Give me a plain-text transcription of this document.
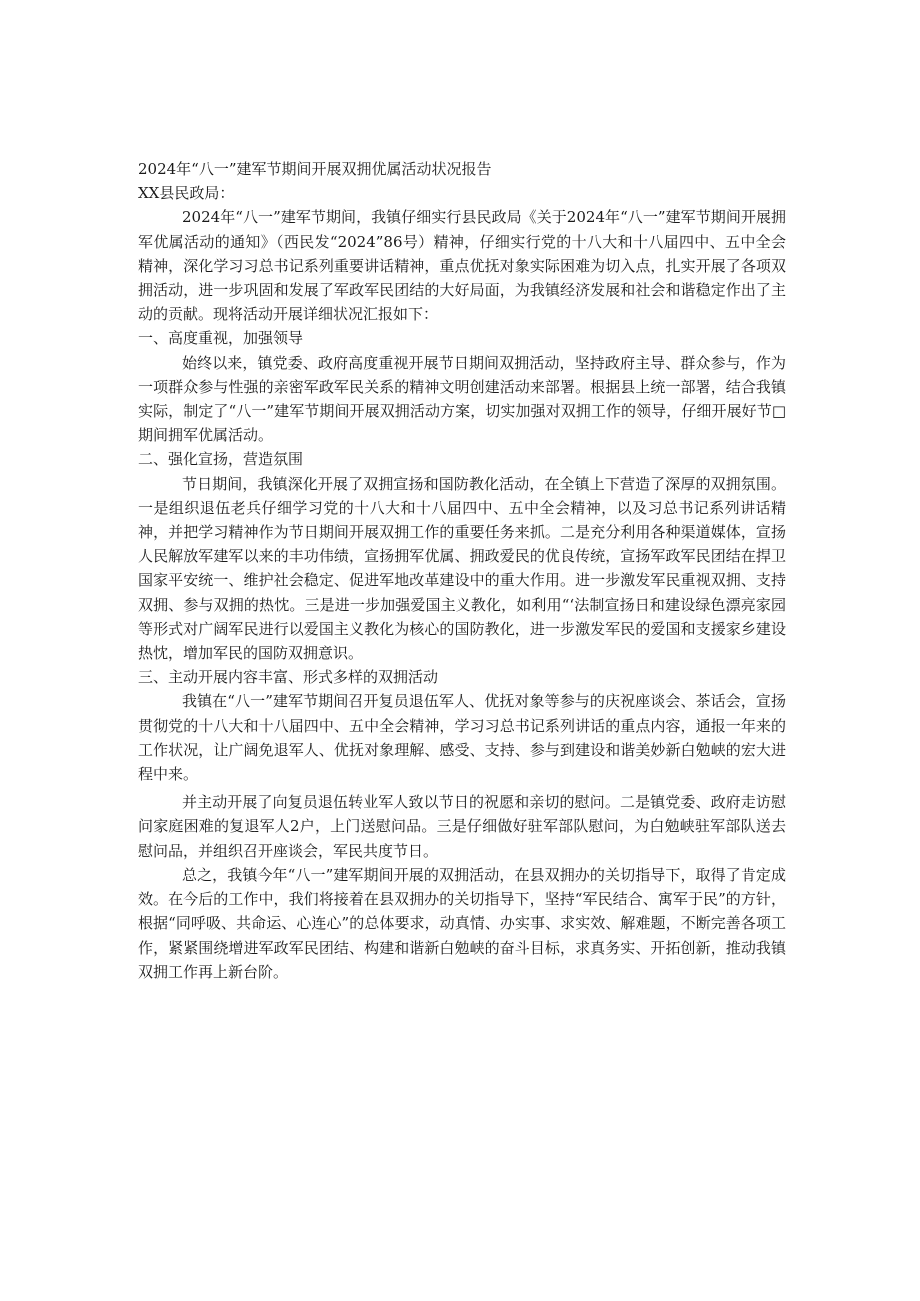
2024年“八一”建军节期间开展双拥优属活动状况报告

XX县民政局：

2024年“八一”建军节期间，我镇仔细实行县民政局《关于2024年“八一”建军节期间开展拥军优属活动的通知》（西民发“2024”86号）精神，仔细实行党的十八大和十八届四中、五中全会精神，深化学习习总书记系列重要讲话精神，重点优抚对象实际困难为切入点，扎实开展了各项双拥活动，进一步巩固和发展了军政军民团结的大好局面，为我镇经济发展和社会和谐稳定作出了主动的贡献。现将活动开展详细状况汇报如下：

一、高度重视，加强领导

始终以来，镇党委、政府高度重视开展节日期间双拥活动，坚持政府主导、群众参与，作为一项群众参与性强的亲密军政军民关系的精神文明创建活动来部署。根据县上统一部署，结合我镇实际，制定了“八一”建军节期间开展双拥活动方案，切实加强对双拥工作的领导，仔细开展好节□期间拥军优属活动。

二、强化宣扬，营造氛围

节日期间，我镇深化开展了双拥宣扬和国防教化活动，在全镇上下营造了深厚的双拥氛围。一是组织退伍老兵仔细学习党的十八大和十八届四中、五中全会精神，以及习总书记系列讲话精神，并把学习精神作为节日期间开展双拥工作的重要任务来抓。二是充分利用各种渠道媒体，宣扬人民解放军建军以来的丰功伟绩，宣扬拥军优属、拥政爱民的优良传统，宣扬军政军民团结在捍卫国家平安统一、维护社会稳定、促进军地改革建设中的重大作用。进一步激发军民重视双拥、支持双拥、参与双拥的热忱。三是进一步加强爱国主义教化，如利用“‘法制宣扬日和建设绿色漂亮家园等形式对广阔军民进行以爱国主义教化为核心的国防教化，进一步激发军民的爱国和支援家乡建设热忱，增加军民的国防双拥意识。

三、主动开展内容丰富、形式多样的双拥活动

我镇在“八一”建军节期间召开复员退伍军人、优抚对象等参与的庆祝座谈会、茶话会，宣扬贯彻党的十八大和十八届四中、五中全会精神，学习习总书记系列讲话的重点内容，通报一年来的工作状况，让广阔免退军人、优抚对象理解、感受、支持、参与到建设和谐美妙新白勉峡的宏大进程中来。

并主动开展了向复员退伍转业军人致以节日的祝愿和亲切的慰问。二是镇党委、政府走访慰问家庭困难的复退军人2户，上门送慰问品。三是仔细做好驻军部队慰问，为白勉峡驻军部队送去慰问品，并组织召开座谈会，军民共度节日。

总之，我镇今年“八一”建军期间开展的双拥活动，在县双拥办的关切指导下，取得了肯定成效。在今后的工作中，我们将接着在县双拥办的关切指导下，坚持“军民结合、寓军于民”的方针，根据“同呼吸、共命运、心连心”的总体要求，动真情、办实事、求实效、解难题，不断完善各项工作，紧紧围绕增进军政军民团结、构建和谐新白勉峡的奋斗目标，求真务实、开拓创新，推动我镇双拥工作再上新台阶。
